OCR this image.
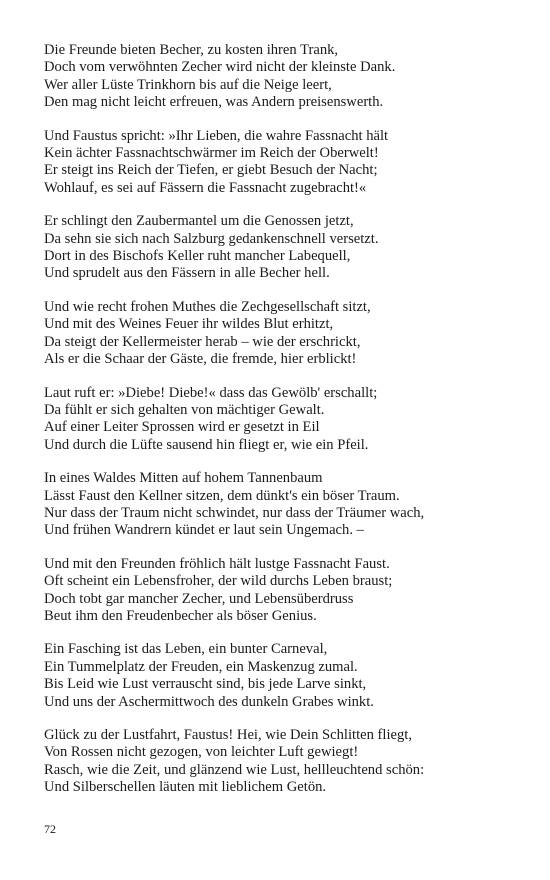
Die Freunde bieten Becher, zu kosten ihren Trank,
Doch vom verwöhnten Zecher wird nicht der kleinste Dank.
Wer aller Lüste Trinkhorn bis auf die Neige leert,
Den mag nicht leicht erfreuen, was Andern preisenswerth.
Und Faustus spricht: »Ihr Lieben, die wahre Fassnacht hält
Kein ächter Fassnachtschwärmer im Reich der Oberwelt!
Er steigt ins Reich der Tiefen, er giebt Besuch der Nacht;
Wohlauf, es sei auf Fässern die Fassnacht zugebracht!«
Er schlingt den Zaubermantel um die Genossen jetzt,
Da sehn sie sich nach Salzburg gedankenschnell versetzt.
Dort in des Bischofs Keller ruht mancher Labequell,
Und sprudelt aus den Fässern in alle Becher hell.
Und wie recht frohen Muthes die Zechgesellschaft sitzt,
Und mit des Weines Feuer ihr wildes Blut erhitzt,
Da steigt der Kellermeister herab – wie der erschrickt,
Als er die Schaar der Gäste, die fremde, hier erblickt!
Laut ruft er: »Diebe! Diebe!« dass das Gewölb' erschallt;
Da fühlt er sich gehalten von mächtiger Gewalt.
Auf einer Leiter Sprossen wird er gesetzt in Eil
Und durch die Lüfte sausend hin fliegt er, wie ein Pfeil.
In eines Waldes Mitten auf hohem Tannenbaum
Lässt Faust den Kellner sitzen, dem dünkt's ein böser Traum.
Nur dass der Traum nicht schwindet, nur dass der Träumer wach,
Und frühen Wandrern kündet er laut sein Ungemach. –
Und mit den Freunden fröhlich hält lustge Fassnacht Faust.
Oft scheint ein Lebensfroher, der wild durchs Leben braust;
Doch tobt gar mancher Zecher, und Lebensüberdruss
Beut ihm den Freudenbecher als böser Genius.
Ein Fasching ist das Leben, ein bunter Carneval,
Ein Tummelplatz der Freuden, ein Maskenzug zumal.
Bis Leid wie Lust verrauscht sind, bis jede Larve sinkt,
Und uns der Aschermittwoch des dunkeln Grabes winkt.
Glück zu der Lustfahrt, Faustus! Hei, wie Dein Schlitten fliegt,
Von Rossen nicht gezogen, von leichter Luft gewiegt!
Rasch, wie die Zeit, und glänzend wie Lust, hellleuchtend schön:
Und Silberschellen läuten mit lieblichem Getön.
72
